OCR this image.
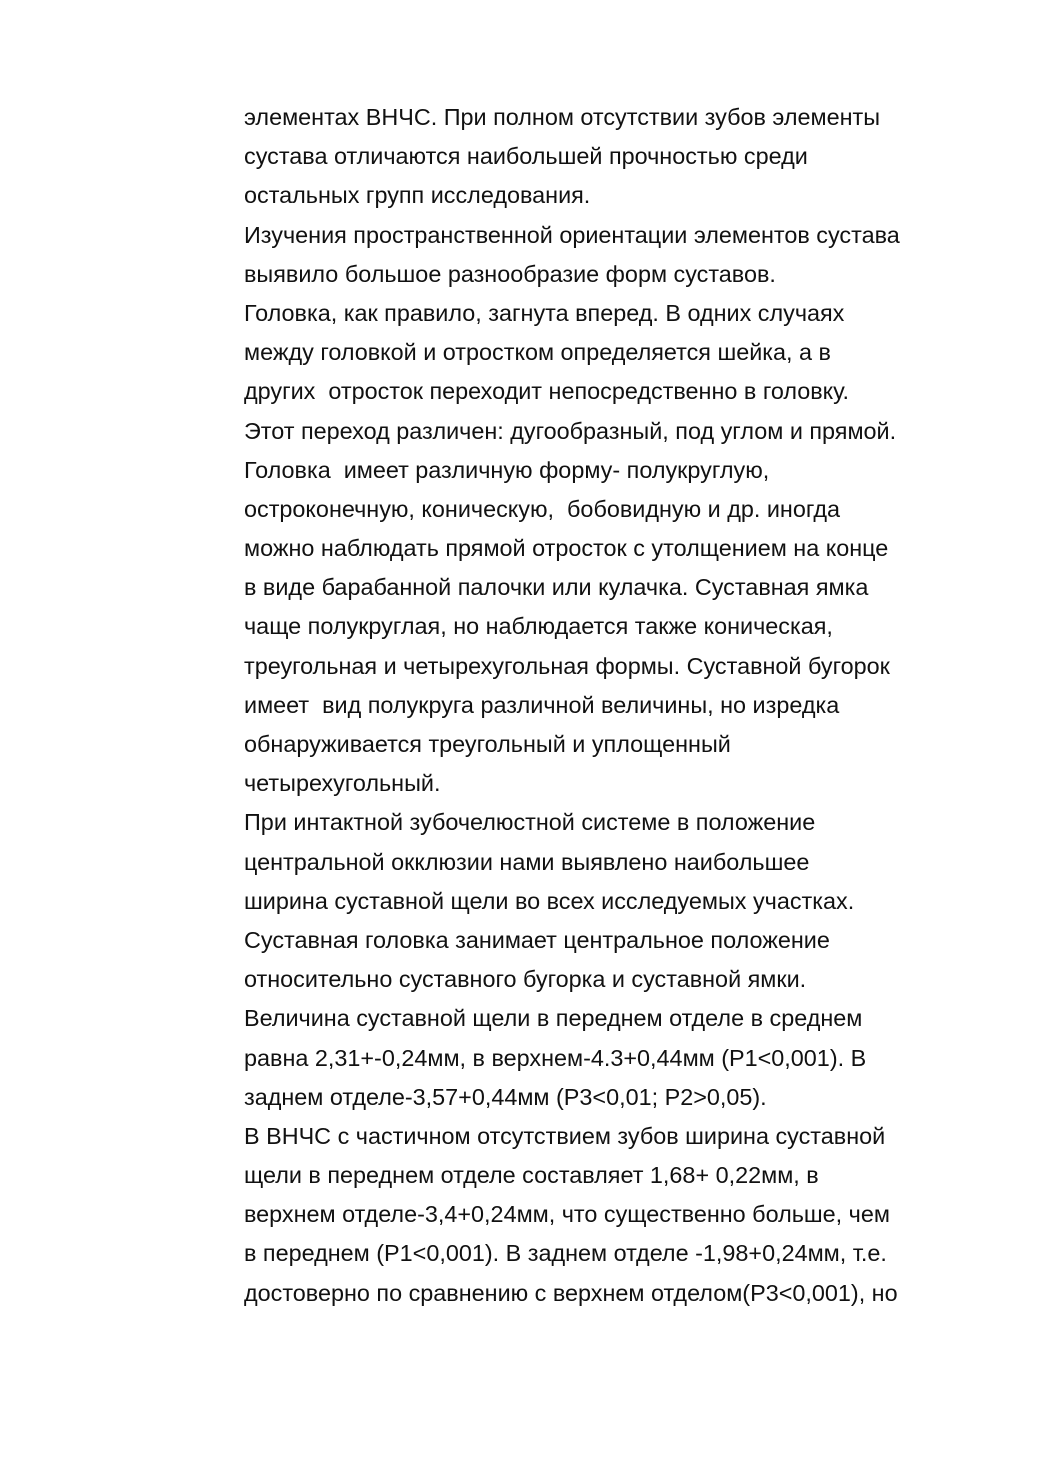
элементах ВНЧС. При полном отсутствии зубов элементы
сустава отличаются наибольшей прочностью среди
остальных групп исследования.
Изучения пространственной ориентации элементов сустава
выявило большое разнообразие форм суставов.
Головка, как правило, загнута вперед. В одних случаях
между головкой и отростком определяется шейка, а в
других  отросток переходит непосредственно в головку.
Этот переход различен: дугообразный, под углом и прямой.
Головка  имеет различную форму- полукруглую,
остроконечную, коническую,  бобовидную и др. иногда
можно наблюдать прямой отросток с утолщением на конце
в виде барабанной палочки или кулачка. Суставная ямка
чаще полукруглая, но наблюдается также коническая,
треугольная и четырехугольная формы. Суставной бугорок
имеет  вид полукруга различной величины, но изредка
обнаруживается треугольный и уплощенный
четырехугольный.
При интактной зубочелюстной системе в положение
центральной окклюзии нами выявлено наибольшее
ширина суставной щели во всех исследуемых участках.
Суставная головка занимает центральное положение
относительно суставного бугорка и суставной ямки.
Величина суставной щели в переднем отделе в среднем
равна 2,31+-0,24мм, в верхнем-4.3+0,44мм (P1<0,001). В
заднем отделе-3,57+0,44мм (P3<0,01; P2>0,05).
В ВНЧС с частичном отсутствием зубов ширина суставной
щели в переднем отделе составляет 1,68+ 0,22мм, в
верхнем отделе-3,4+0,24мм, что существенно больше, чем
в переднем (P1<0,001). В заднем отделе -1,98+0,24мм, т.е.
достоверно по сравнению с верхнем отделом(P3<0,001), но
